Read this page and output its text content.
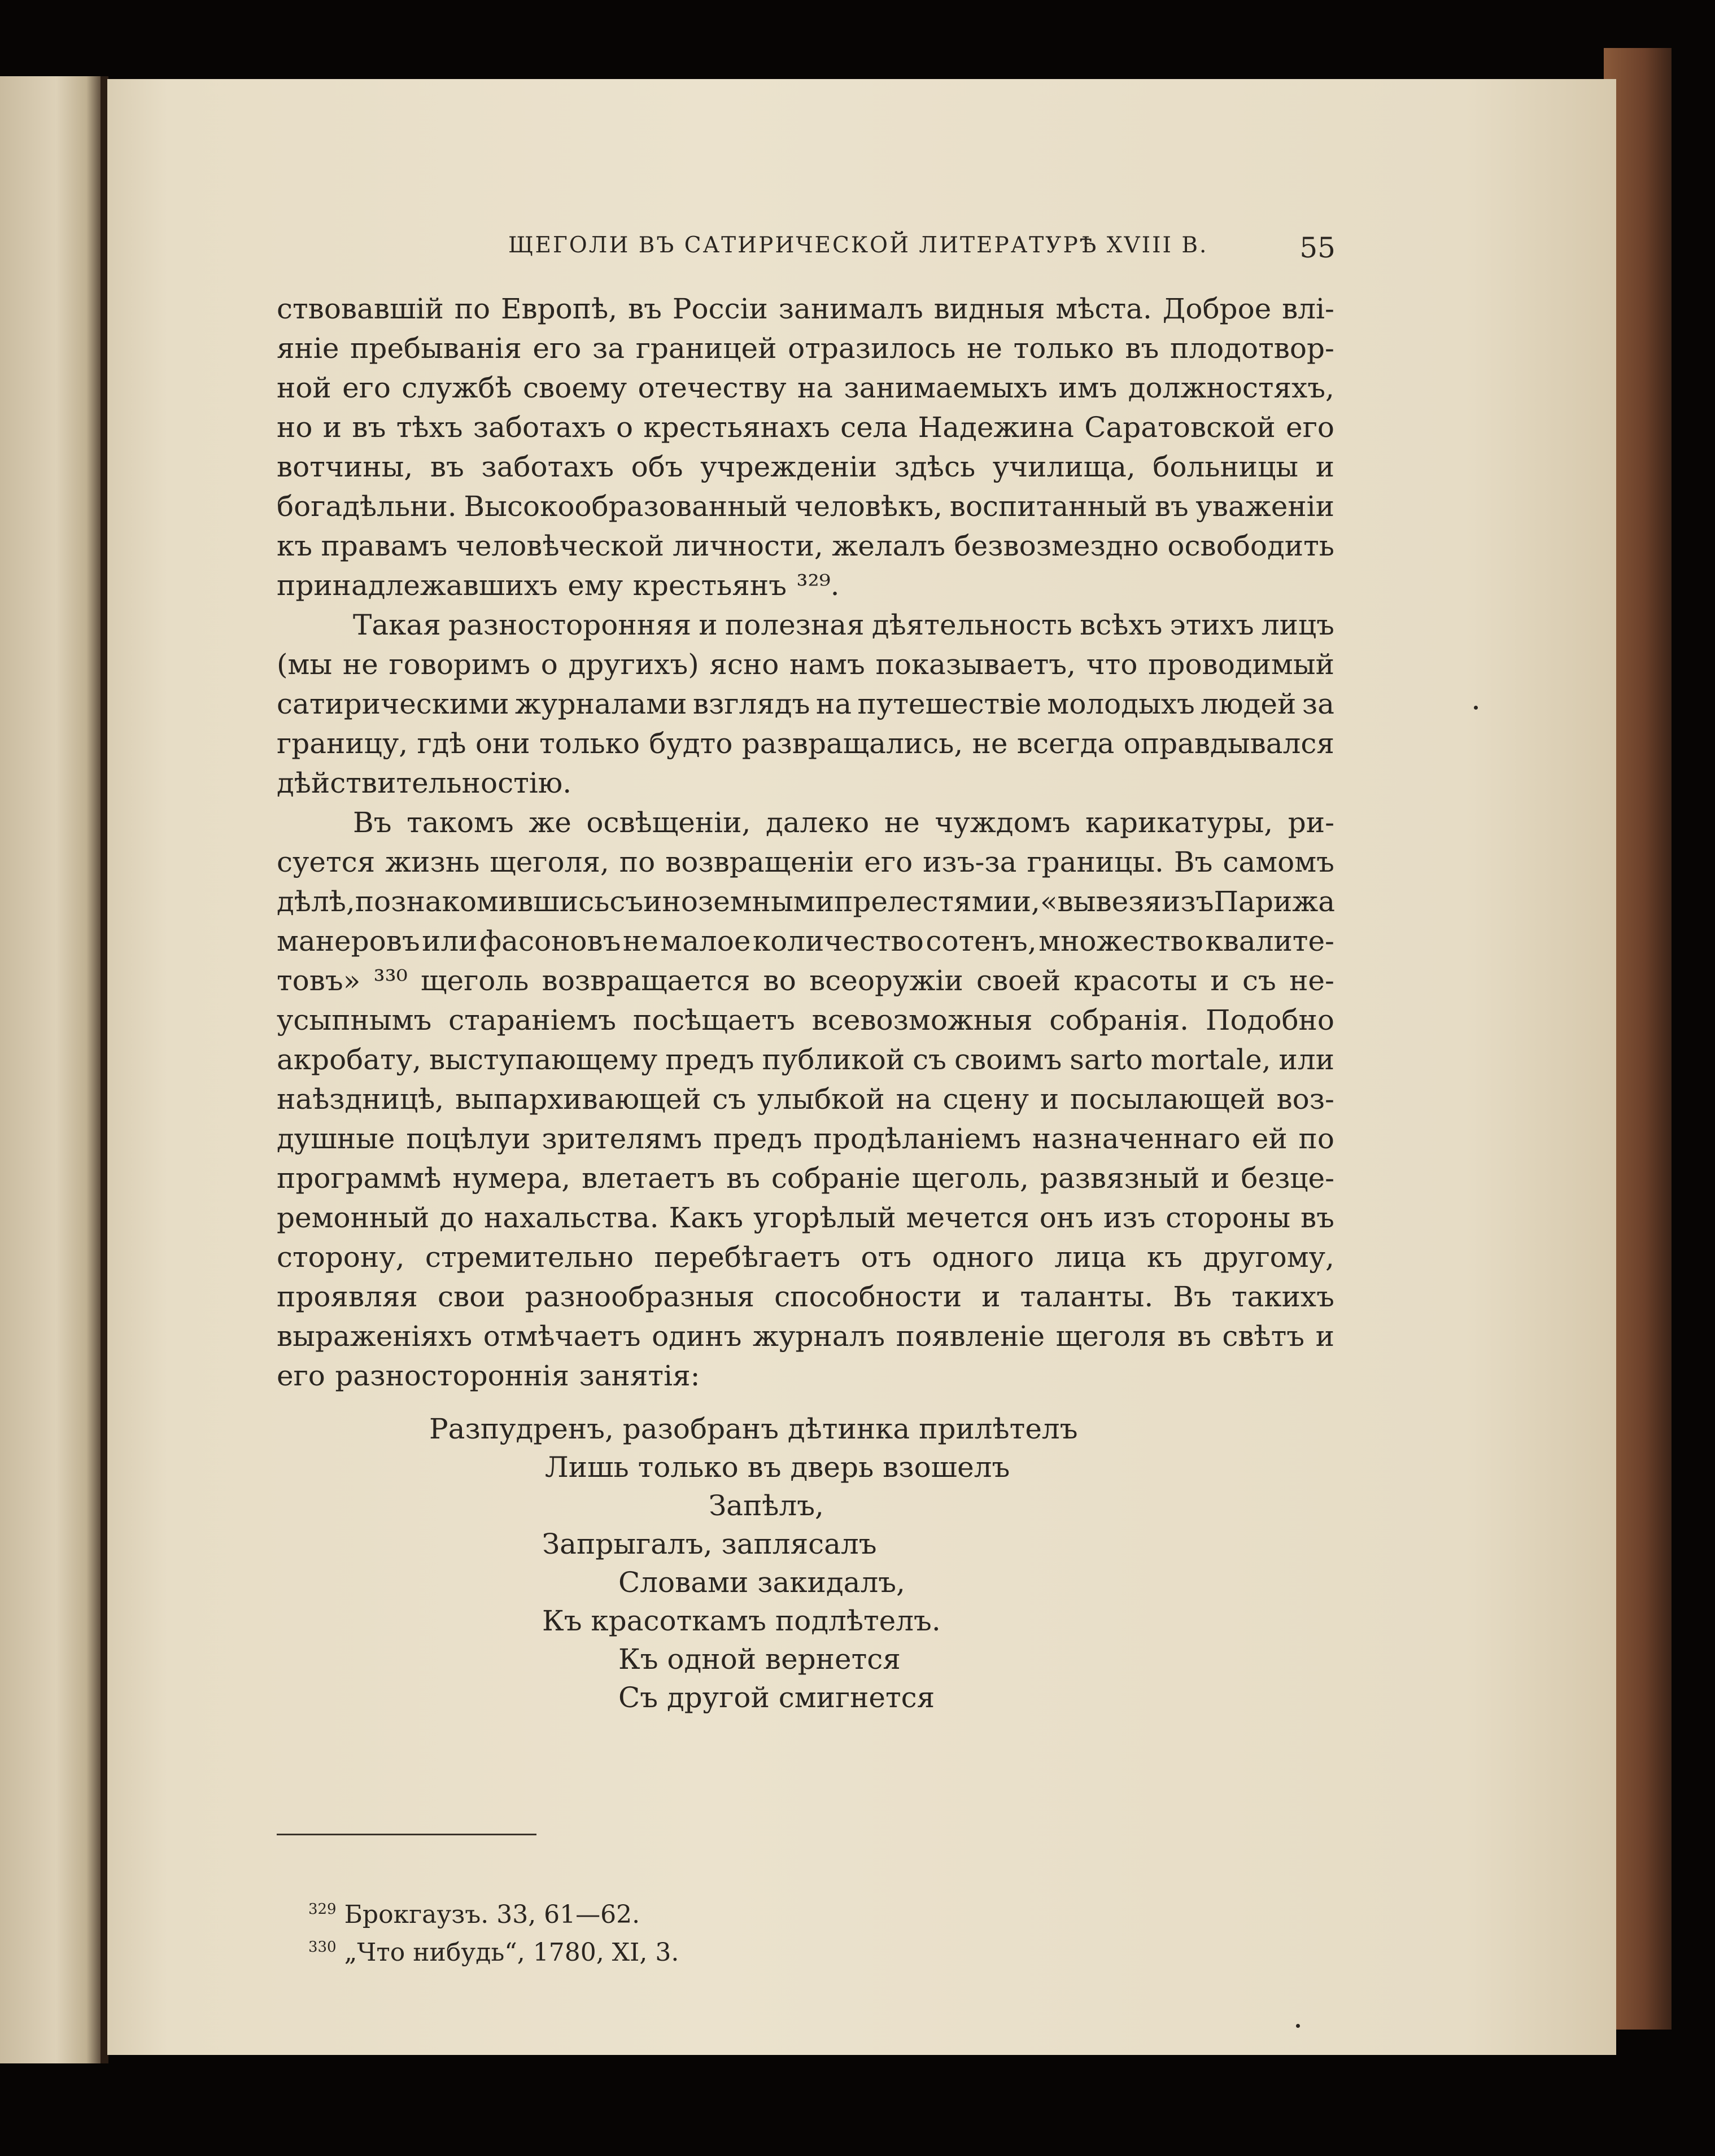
ЩЕГОЛИ ВЪ САТИРИЧЕСКОЙ ЛИТЕРАТУРѢ XVIII В.	55
ствовавшій по Европѣ, въ Россіи занималъ видныя мѣста. Доброе влі-
яніе пребыванія его за границей отразилось не только въ плодотвор-
ной его службѣ своему отечеству на занимаемыхъ имъ должностяхъ,
но и въ тѣхъ заботахъ о крестьянахъ села Надежина Саратовской его
вотчины, въ заботахъ объ учрежденіи здѣсь училища, больницы и
богадѣльни. Высокообразованный человѣкъ, воспитанный въ уваженіи
къ правамъ человѣческой личности, желалъ безвозмездно освободить
принадлежавшихъ ему крестьянъ ³²⁹.
Такая разносторонняя и полезная дѣятельность всѣхъ этихъ лицъ
(мы не говоримъ о другихъ) ясно намъ показываетъ, что проводимый
сатирическими журналами взглядъ на путешествіе молодыхъ людей за
границу, гдѣ они только будто развращались, не всегда оправдывался
дѣйствительностію.
Въ такомъ же освѣщеніи, далеко не чуждомъ карикатуры, ри-
суется жизнь щеголя, по возвращеніи его изъ-за границы. Въ самомъ
дѣлѣ, познакомившись съ иноземными прелестями и, «вывезя изъ Парижа
манеровъ или фасоновъ не малое количество сотенъ, множество квалите-
товъ» ³³⁰ щеголь возвращается во всеоружіи своей красоты и съ не-
усыпнымъ стараніемъ посѣщаетъ всевозможныя собранія. Подобно
акробату, выступающему предъ публикой съ своимъ sarto mortale, или
наѣздницѣ, выпархивающей съ улыбкой на сцену и посылающей воз-
душные поцѣлуи зрителямъ предъ продѣланіемъ назначеннаго ей по
программѣ нумера, влетаетъ въ собраніе щеголь, развязный и безце-
ремонный до нахальства. Какъ угорѣлый мечется онъ изъ стороны въ
сторону, стремительно перебѣгаетъ отъ одного лица къ другому,
проявляя свои разнообразныя способности и таланты. Въ такихъ
выраженіяхъ отмѣчаетъ одинъ журналъ появленіе щеголя въ свѣтъ и
его разностороннія занятія:
Разпудренъ, разобранъ дѣтинка прилѣтелъ
Лишь только въ дверь взошелъ
Запѣлъ,
Запрыгалъ, заплясалъ
Словами закидалъ,
Къ красоткамъ подлѣтелъ.
Къ одной вернется
Съ другой смигнется

$^{329}$ Брокгаузъ. 33, 61—62.

$^{330}$ „Что нибудь“, 1780, XI, 3.
